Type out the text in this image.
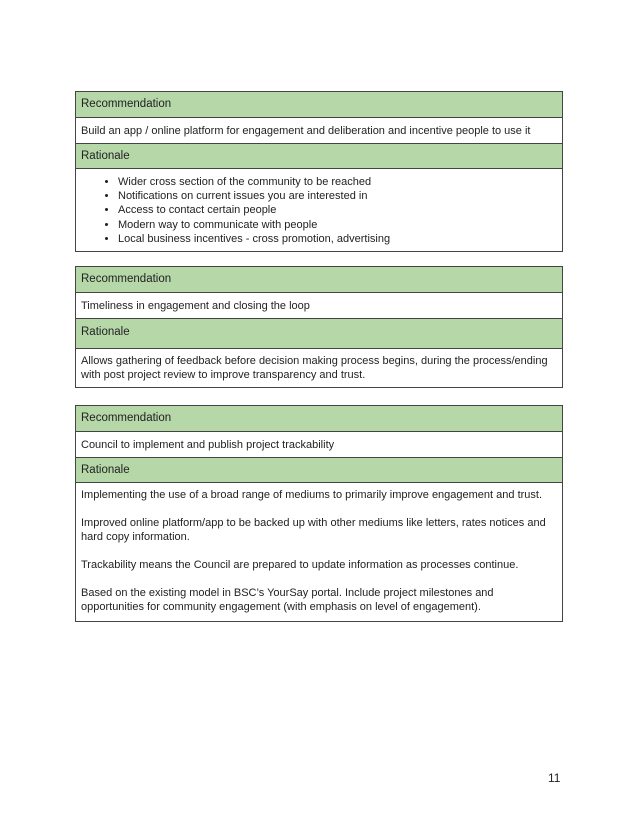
Recommendation
Build an app / online platform for engagement and deliberation and incentive people to use it
Rationale
• Wider cross section of the community to be reached
• Notifications on current issues you are interested in
• Access to contact certain people
• Modern way to communicate with people
• Local business incentives - cross promotion, advertising
Recommendation
Timeliness in engagement and closing the loop
Rationale

Allows gathering of feedback before decision making process begins, during the process/ending with post project review to improve transparency and trust.

Recommendation
Council to implement and publish project trackability
Rationale

Implementing the use of a broad range of mediums to primarily improve engagement and trust.

Improved online platform/app to be backed up with other mediums like letters, rates notices and hard copy information.

Trackability means the Council are prepared to update information as processes continue.

Based on the existing model in BSC’s YourSay portal. Include project milestones and opportunities for community engagement (with emphasis on level of engagement).

11
